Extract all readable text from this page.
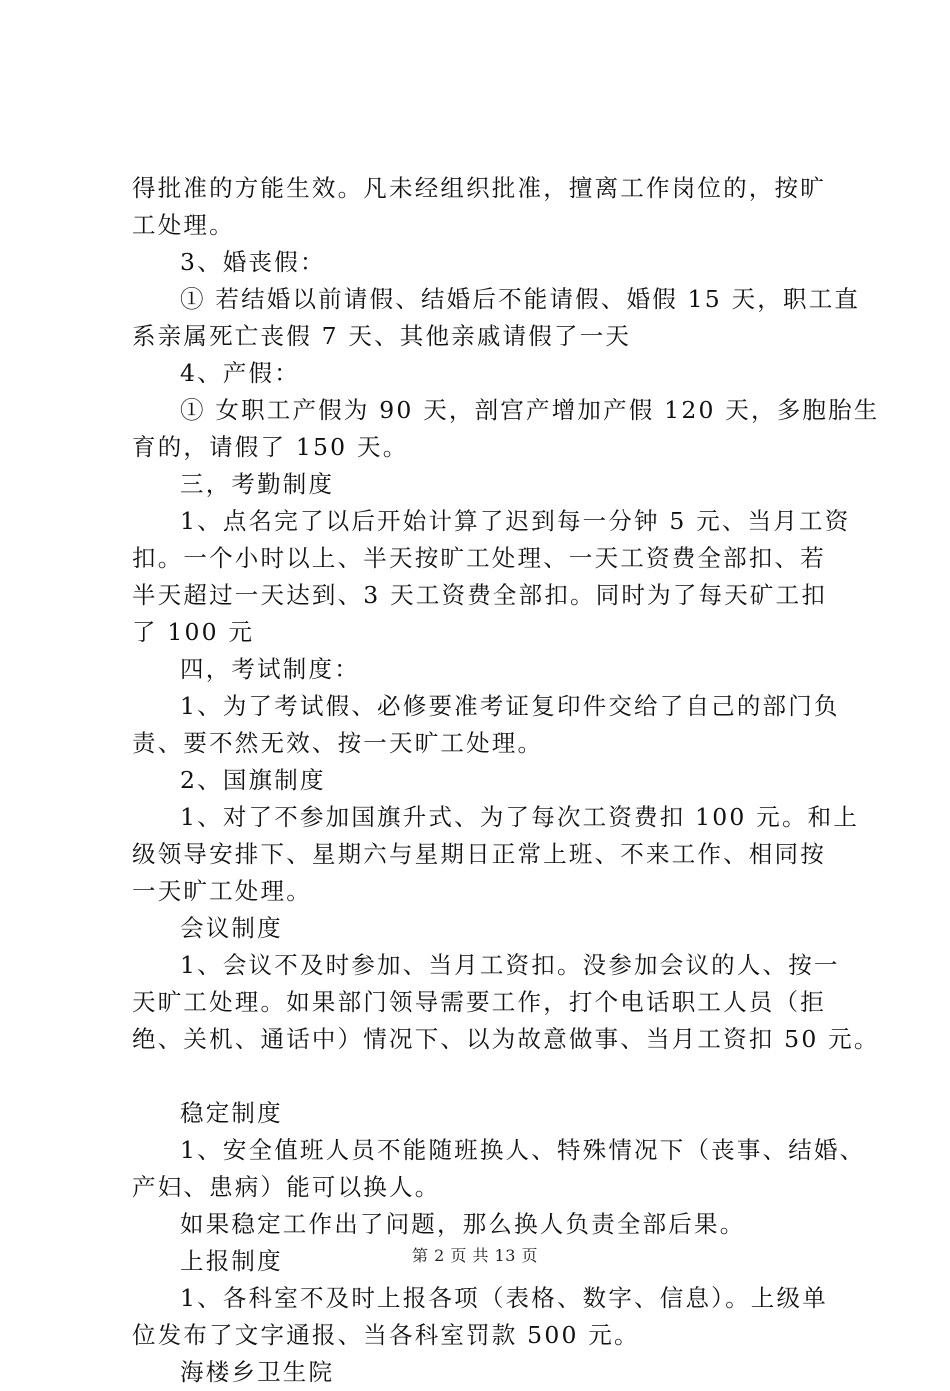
得批准的方能生效。凡未经组织批准，擅离工作岗位的，按旷
工处理。
3、婚丧假：
① 若结婚以前请假、结婚后不能请假、婚假 15 天，职工直
系亲属死亡丧假 7 天、其他亲戚请假了一天
4、产假：
① 女职工产假为 90 天，剖宫产增加产假 120 天，多胞胎生
育的，请假了 150 天。
三，考勤制度
1、点名完了以后开始计算了迟到每一分钟 5 元、当月工资
扣。一个小时以上、半天按旷工处理、一天工资费全部扣、若
半天超过一天达到、3 天工资费全部扣。同时为了每天矿工扣
了 100 元
四，考试制度：
1、为了考试假、必修要准考证复印件交给了自己的部门负
责、要不然无效、按一天旷工处理。
2、国旗制度
1、对了不参加国旗升式、为了每次工资费扣 100 元。和上
级领导安排下、星期六与星期日正常上班、不来工作、相同按
一天旷工处理。
会议制度
1、会议不及时参加、当月工资扣。没参加会议的人、按一
天旷工处理。如果部门领导需要工作，打个电话职工人员（拒
绝、关机、通话中）情况下、以为故意做事、当月工资扣 50 元。
稳定制度
1、安全值班人员不能随班换人、特殊情况下（丧事、结婚、
产妇、患病）能可以换人。
如果稳定工作出了问题，那么换人负责全部后果。
上报制度
1、各科室不及时上报各项（表格、数字、信息）。上级单
位发布了文字通报、当各科室罚款 500 元。
海楼乡卫生院
第 2 页 共 13 页
